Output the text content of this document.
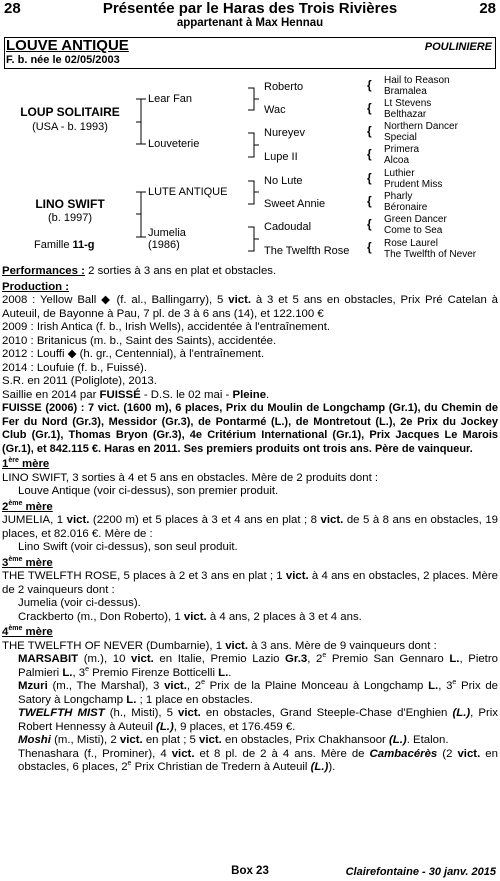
Présentée par le Haras des Trois Rivières
28	28
appartenant à Max Hennau
LOUVE ANTIQUE
F. b. née le 02/05/2003
POULINIERE
{
{
{
{
{
{
{
{
LOUP SOLITAIRE
(USA - b. 1993)
LINO SWIFT
(b. 1997)
Famille 11-g
Lear Fan
Louveterie
LUTE ANTIQUE
Jumelia
(1986)
Roberto
Wac
Nureyev
Lupe II
No Lute
Sweet Annie
Cadoudal
The Twelfth Rose
Hail to Reason
Bramalea
Lt Stevens
Belthazar
Northern Dancer
Special
Primera
Alcoa
Luthier
Prudent Miss
Pharly
Béronaire
Green Dancer
Come to Sea
Rose Laurel
The Twelfth of Never

Performances : 2 sorties à 3 ans en plat et obstacles.

Production :

2008 : Yellow Ball ◆ (f. al., Ballingarry), 5 vict. à 3 et 5 ans en obstacles, Prix Pré Catelan à Auteuil, de Bayonne à Pau, 7 pl. de 3 à 6 ans (14), et 122.100 €

2009 : Irish Antica (f. b., Irish Wells), accidentée à l'entraînement.

2010 : Britanicus (m. b., Saint des Saints), accidentée.

2012 : Louffi ◆ (h. gr., Centennial), à l'entraînement.

2014 : Loufuie (f. b., Fuissé).

S.R. en 2011 (Poliglote), 2013.

Saillie en 2014 par FUISSÉ - D.S. le 02 mai - Pleine.

FUISSE (2006) : 7 vict. (1600 m), 6 places, Prix du Moulin de Longchamp (Gr.1), du Chemin de Fer du Nord (Gr.3), Messidor (Gr.3), de Pontarmé (L.), de Montretout (L.), 2e Prix du Jockey Club (Gr.1), Thomas Bryon (Gr.3), 4e Critérium International (Gr.1), Prix Jacques Le Marois (Gr.1), et 842.115 €. Haras en 2011. Ses premiers produits ont trois ans. Père de vainqueur.

1ère mère

LINO SWIFT, 3 sorties à 4 et 5 ans en obstacles. Mère de 2 produits dont :

Louve Antique (voir ci-dessus), son premier produit.

2ème mère

JUMELIA, 1 vict. (2200 m) et 5 places à 3 et 4 ans en plat ; 8 vict. de 5 à 8 ans en obstacles, 19 places, et 82.016 €. Mère de :

Lino Swift (voir ci-dessus), son seul produit.

3ème mère

THE TWELFTH ROSE, 5 places à 2 et 3 ans en plat ; 1 vict. à 4 ans en obstacles, 2 places. Mère de 2 vainqueurs dont :

Jumelia (voir ci-dessus).

Crackberto (m., Don Roberto), 1 vict. à 4 ans, 2 places à 3 et 4 ans.

4ème mère

THE TWELFTH OF NEVER (Dumbarnie), 1 vict. à 3 ans. Mère de 9 vainqueurs dont :

MARSABIT (m.), 10 vict. en Italie, Premio Lazio Gr.3, 2e Premio San Gennaro L., Pietro Palmieri L., 3e Premio Firenze Botticelli L..

Mzuri (m., The Marshal), 3 vict., 2e Prix de la Plaine Monceau à Longchamp L., 3e Prix de Satory à Longchamp L. ; 1 place en obstacles.

TWELFTH MIST (h., Misti), 5 vict. en obstacles, Grand Steeple-Chase d'Enghien (L.), Prix Robert Hennessy à Auteuil (L.), 9 places, et 176.459 €.

Moshi (m., Misti), 2 vict. en plat ; 5 vict. en obstacles, Prix Chakhansoor (L.). Etalon.

Thenashara (f., Prominer), 4 vict. et 8 pl. de 2 à 4 ans. Mère de Cambacérès (2 vict. en obstacles, 6 places, 2e Prix Christian de Tredern à Auteuil (L.)).

Box 23	Clairefontaine - 30 janv. 2015
